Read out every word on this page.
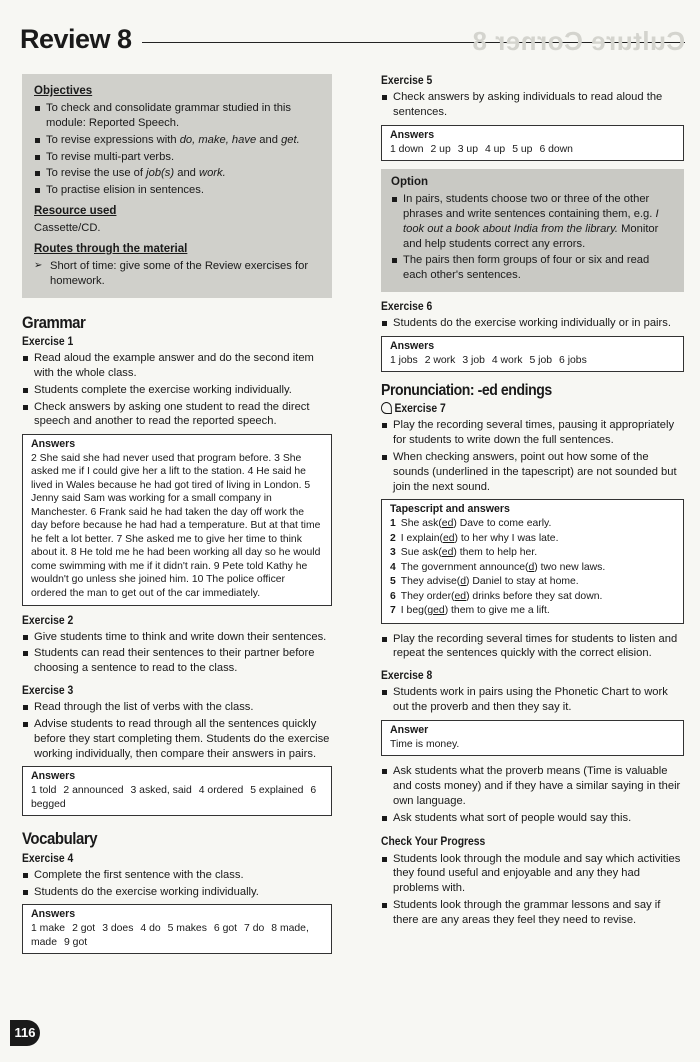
Review 8	Culture Corner 8
Objectives
To check and consolidate grammar studied in this module: Reported Speech.
To revise expressions with do, make, have and get.
To revise multi-part verbs.
To revise the use of job(s) and work.
To practise elision in sentences.
Resource used
Cassette/CD.
Routes through the material
➢ Short of time: give some of the Review exercises for homework.
Grammar
Exercise 1
Read aloud the example answer and do the second item with the whole class.
Students complete the exercise working individually.
Check answers by asking one student to read the direct speech and another to read the reported speech.
Answers
2 She said she had never used that program before. 3 She asked me if I could give her a lift to the station. 4 He said he lived in Wales because he had got tired of living in London. 5 Jenny said Sam was working for a small company in Manchester. 6 Frank said he had taken the day off work the day before because he had had a temperature. But at that time he felt a lot better. 7 She asked me to give her time to think about it. 8 He told me he had been working all day so he would come swimming with me if it didn't rain. 9 Pete told Kathy he wouldn't go unless she joined him. 10 The police officer ordered the man to get out of the car immediately.
Exercise 2
Give students time to think and write down their sentences.
Students can read their sentences to their partner before choosing a sentence to read to the class.
Exercise 3
Read through the list of verbs with the class.
Advise students to read through all the sentences quickly before they start completing them. Students do the exercise working individually, then compare their answers in pairs.
Answers
1 told 2 announced 3 asked, said 4 ordered 5 explained 6 begged
Vocabulary
Exercise 4
Complete the first sentence with the class.
Students do the exercise working individually.
Answers
1 make 2 got 3 does 4 do 5 makes 6 got 7 do 8 made, made 9 got
Exercise 5
Check answers by asking individuals to read aloud the sentences.
Answers
1 down 2 up 3 up 4 up 5 up 6 down
Option
In pairs, students choose two or three of the other phrases and write sentences containing them, e.g. I took out a book about India from the library. Monitor and help students correct any errors.
The pairs then form groups of four or six and read each other's sentences.
Exercise 6
Students do the exercise working individually or in pairs.
Answers
1 jobs 2 work 3 job 4 work 5 job 6 jobs
Pronunciation: -ed endings
Exercise 7
Play the recording several times, pausing it appropriately for students to write down the full sentences.
When checking answers, point out how some of the sounds (underlined in the tapescript) are not sounded but join the next sound.
Tapescript and answers
1 She ask(ed) Dave to come early.
2 I explain(ed) to her why I was late.
3 Sue ask(ed) them to help her.
4 The government announce(d) two new laws.
5 They advise(d) Daniel to stay at home.
6 They order(ed) drinks before they sat down.
7 I beg(ged) them to give me a lift.
Play the recording several times for students to listen and repeat the sentences quickly with the correct elision.
Exercise 8
Students work in pairs using the Phonetic Chart to work out the proverb and then they say it.
Answer
Time is money.
Ask students what the proverb means (Time is valuable and costs money) and if they have a similar saying in their own language.
Ask students what sort of people would say this.
Check Your Progress
Students look through the module and say which activities they found useful and enjoyable and any they had problems with.
Students look through the grammar lessons and say if there are any areas they feel they need to revise.
116
